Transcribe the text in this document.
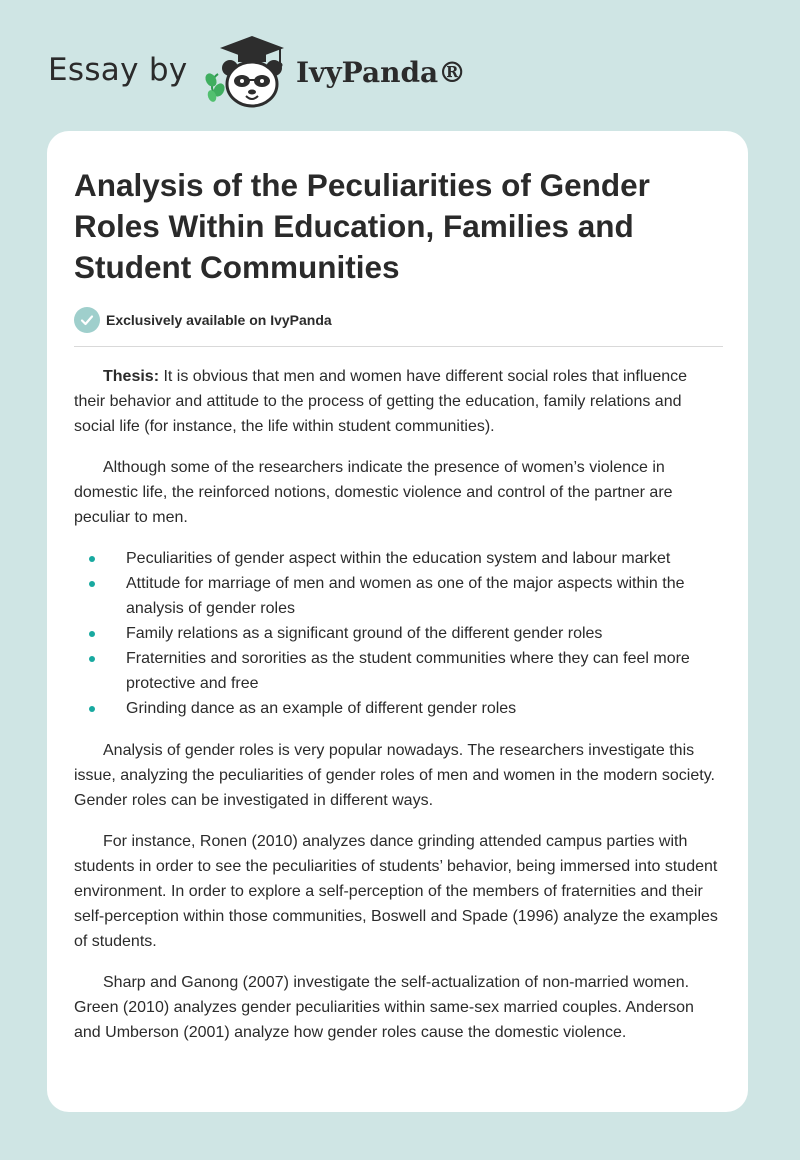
Essay by	IvyPanda®
Analysis of the Peculiarities of Gender Roles Within Education, Families and Student Communities
Exclusively available on IvyPanda

Thesis: It is obvious that men and women have different social roles that influence their behavior and attitude to the process of getting the education, family relations and social life (for instance, the life within student communities).

Although some of the researchers indicate the presence of women’s violence in domestic life, the reinforced notions, domestic violence and control of the partner are peculiar to men.

Peculiarities of gender aspect within the education system and labour market
Attitude for marriage of men and women as one of the major aspects within the analysis of gender roles
Family relations as a significant ground of the different gender roles
Fraternities and sororities as the student communities where they can feel more protective and free
Grinding dance as an example of different gender roles

Analysis of gender roles is very popular nowadays. The researchers investigate this issue, analyzing the peculiarities of gender roles of men and women in the modern society. Gender roles can be investigated in different ways.

For instance, Ronen (2010) analyzes dance grinding attended campus parties with students in order to see the peculiarities of students’ behavior, being immersed into student environment. In order to explore a self-perception of the members of fraternities and their self-perception within those communities, Boswell and Spade (1996) analyze the examples of students.

Sharp and Ganong (2007) investigate the self-actualization of non-married women. Green (2010) analyzes gender peculiarities within same-sex married couples. Anderson and Umberson (2001) analyze how gender roles cause the domestic violence.
